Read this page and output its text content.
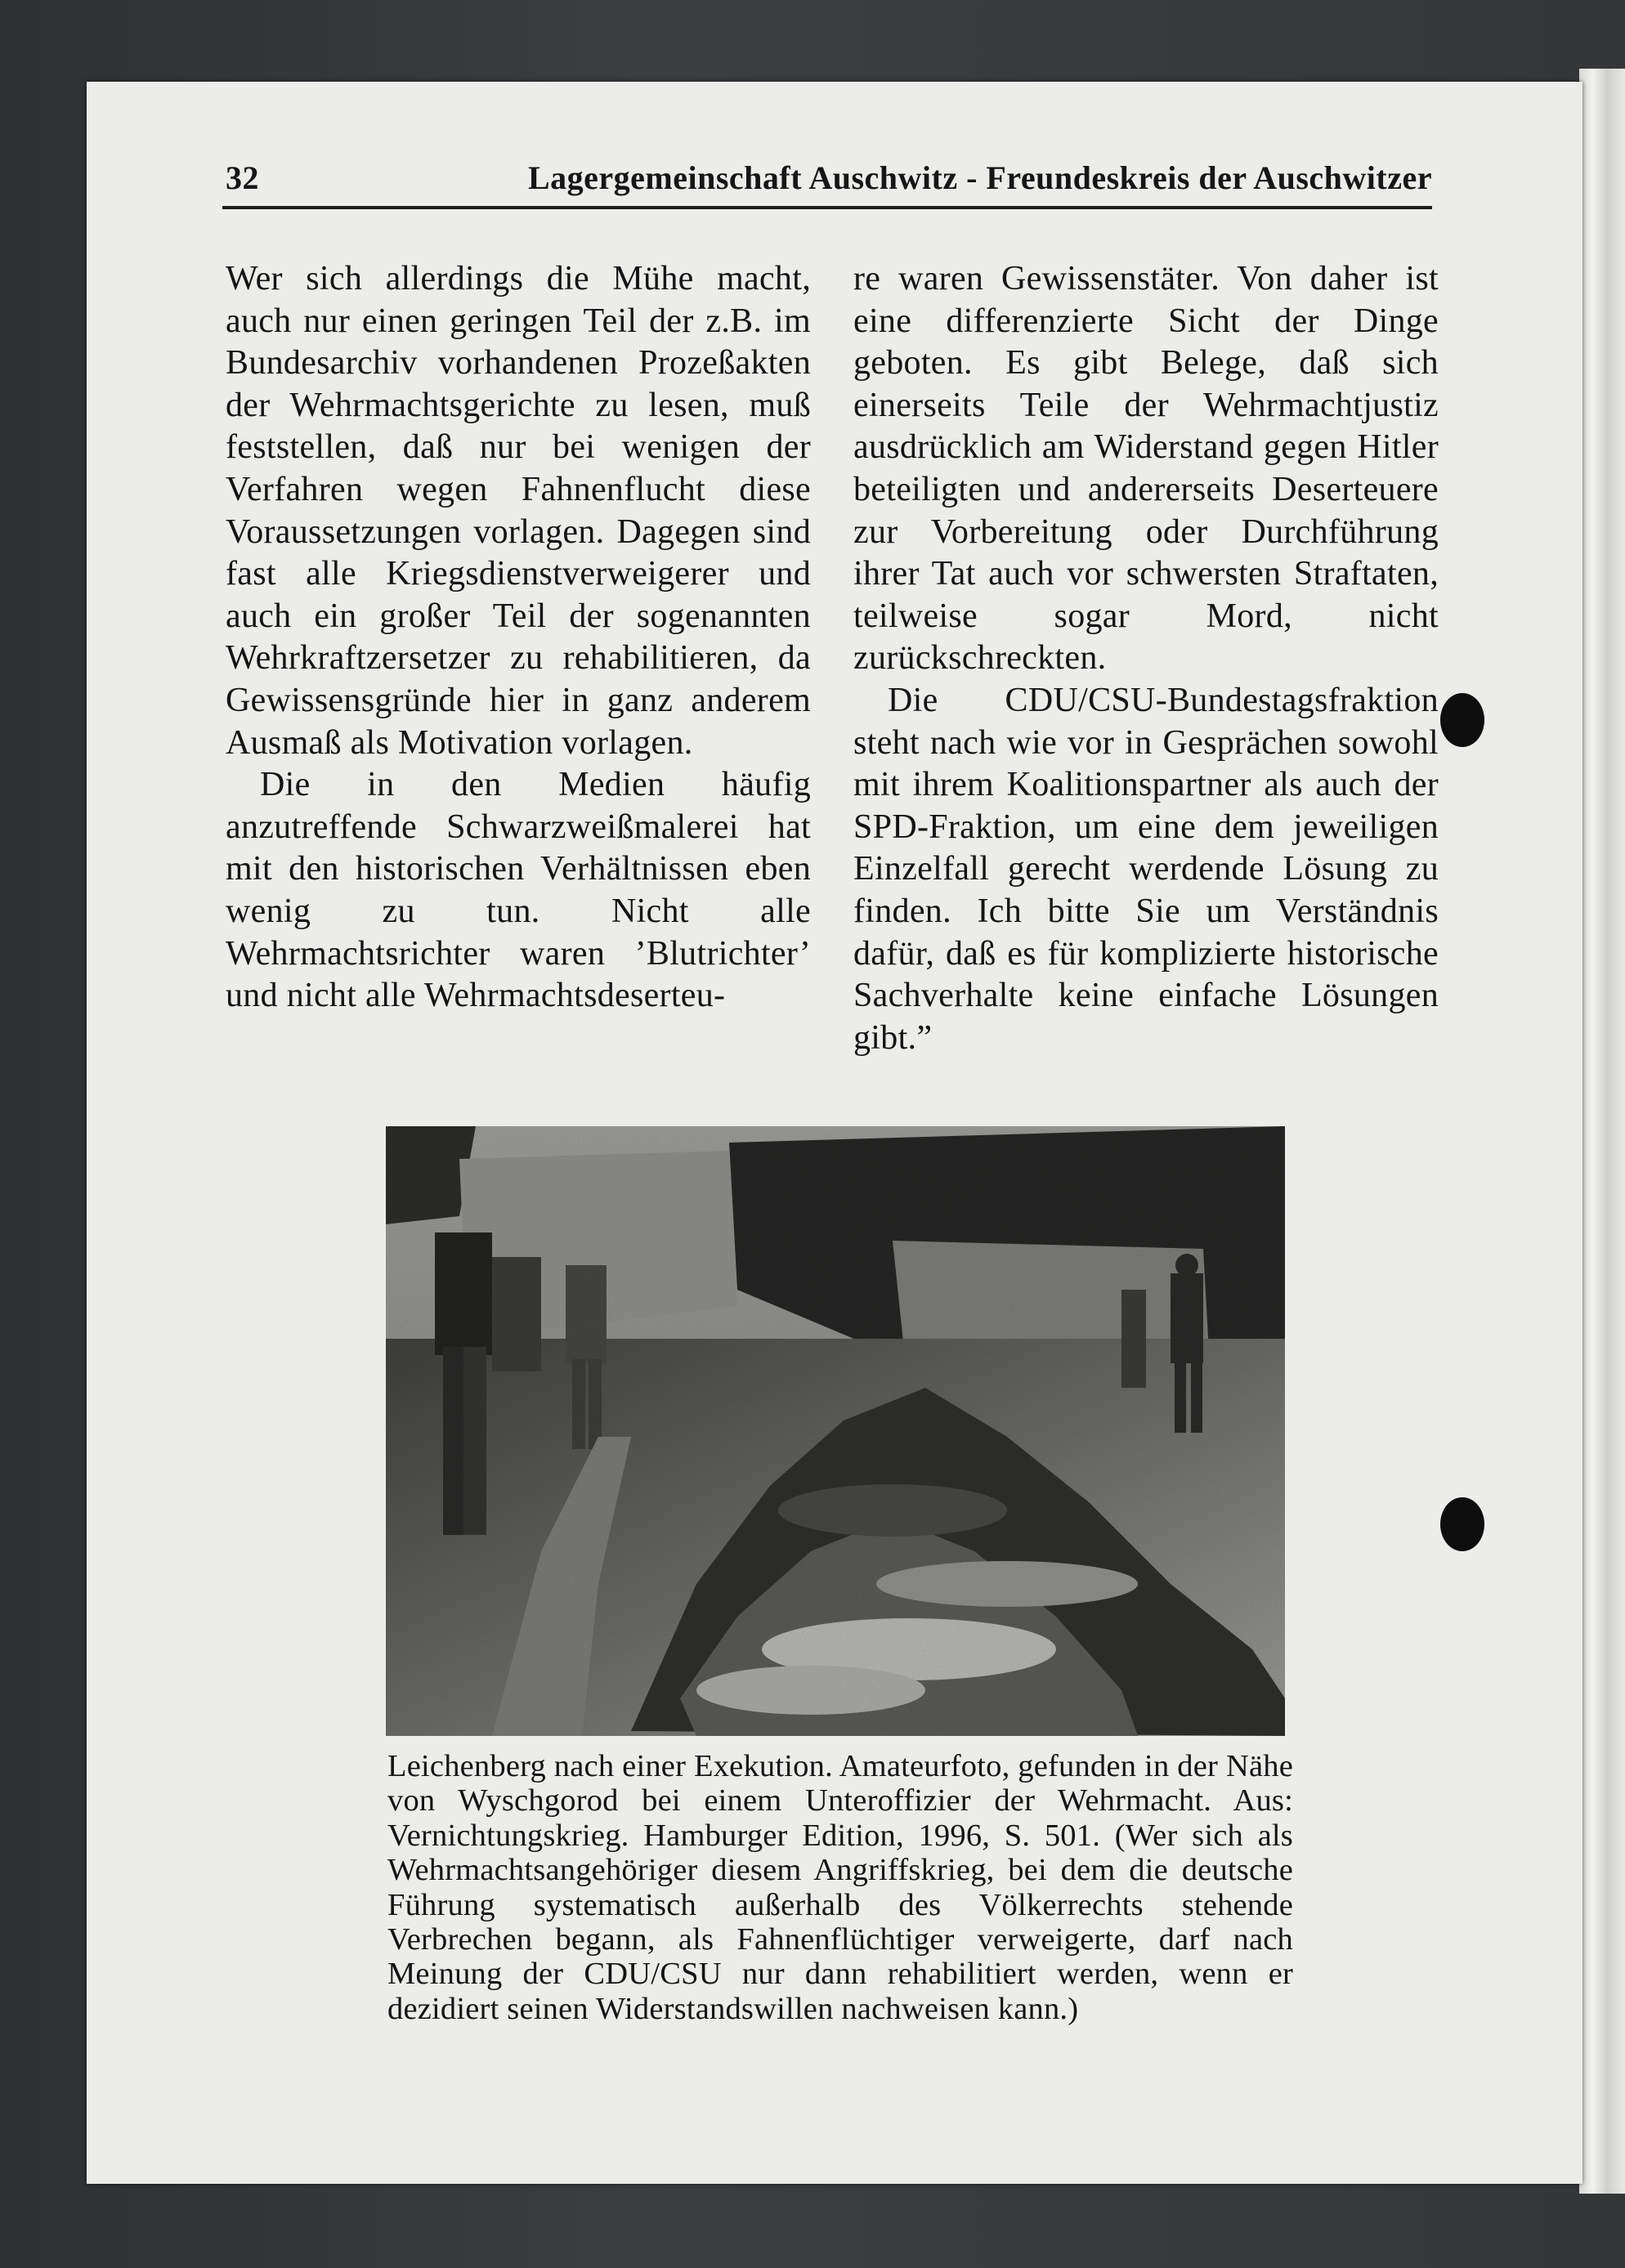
32	Lagergemeinschaft Auschwitz - Freundeskreis der Auschwitzer

Wer sich allerdings die Mühe macht, auch nur einen geringen Teil der z.B. im Bundesarchiv vorhandenen Prozeßakten der Wehrmachtsgerichte zu lesen, muß feststellen, daß nur bei wenigen der Verfahren wegen Fahnenflucht diese Voraussetzungen vorlagen. Dagegen sind fast alle Kriegsdienstverweigerer und auch ein großer Teil der sogenannten Wehrkraftzersetzer zu rehabilitieren, da Gewissensgründe hier in ganz anderem Ausmaß als Motivation vorlagen.

Die in den Medien häufig anzutreffende Schwarzweißmalerei hat mit den historischen Verhältnissen eben wenig zu tun. Nicht alle Wehrmachtsrichter waren ’Blutrichter’ und nicht alle Wehrmachtsdeserteu-

re waren Gewissenstäter. Von daher ist eine differenzierte Sicht der Dinge geboten. Es gibt Belege, daß sich einerseits Teile der Wehrmachtjustiz ausdrücklich am Widerstand gegen Hitler beteiligten und andererseits Deserteuere zur Vorbereitung oder Durchführung ihrer Tat auch vor schwersten Straftaten, teilweise sogar Mord, nicht zurückschreckten.

Die CDU/CSU-Bundestagsfraktion steht nach wie vor in Gesprächen sowohl mit ihrem Koalitionspartner als auch der SPD-Fraktion, um eine dem jeweiligen Einzelfall gerecht werdende Lösung zu finden. Ich bitte Sie um Verständnis dafür, daß es für komplizierte historische Sachverhalte keine einfache Lösungen gibt.”

Leichenberg nach einer Exekution. Amateurfoto, gefunden in der Nähe von Wyschgorod bei einem Unteroffizier der Wehrmacht. Aus: Vernichtungskrieg. Hamburger Edition, 1996, S. 501. (Wer sich als Wehrmachtsangehöriger diesem Angriffskrieg, bei dem die deutsche Führung systematisch außerhalb des Völkerrechts stehende Verbrechen begann, als Fahnenflüchtiger verweigerte, darf nach Meinung der CDU/CSU nur dann rehabilitiert werden, wenn er dezidiert seinen Widerstandswillen nachweisen kann.)
